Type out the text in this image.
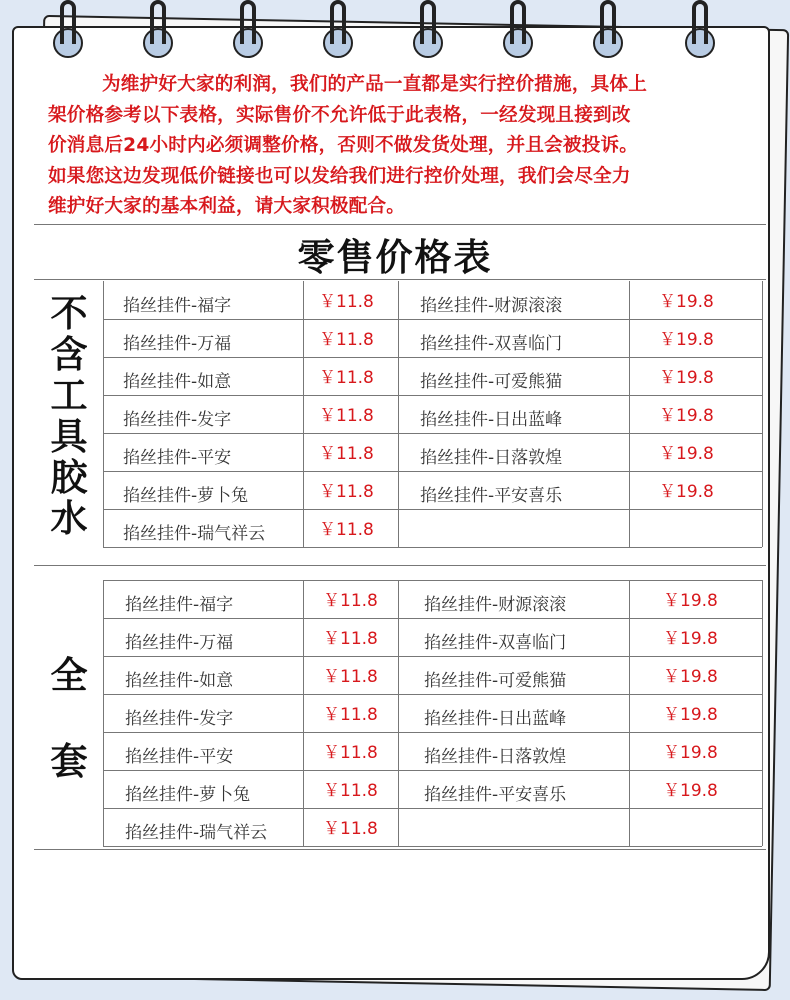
为维护好大家的利润，我们的产品一直都是实行控价措施，具体上

架价格参考以下表格，实际售价不允许低于此表格，一经发现且接到改

价消息后24小时内必须调整价格，否则不做发货处理，并且会被投诉。

如果您这边发现低价链接也可以发给我们进行控价处理，我们会尽全力

维护好大家的基本利益，请大家积极配合。

零售价格表
掐丝挂件-福字	￥11.8	掐丝挂件-财源滚滚	￥19.8
掐丝挂件-万福	￥11.8	掐丝挂件-双喜临门	￥19.8
掐丝挂件-如意	￥11.8	掐丝挂件-可爱熊猫	￥19.8
掐丝挂件-发字	￥11.8	掐丝挂件-日出蓝峰	￥19.8
掐丝挂件-平安	￥11.8	掐丝挂件-日落敦煌	￥19.8
掐丝挂件-萝卜兔	￥11.8	掐丝挂件-平安喜乐	￥19.8
掐丝挂件-瑞气祥云	￥11.8
不
含
工
具
胶
水
掐丝挂件-福字	￥11.8	掐丝挂件-财源滚滚	￥19.8
掐丝挂件-万福	￥11.8	掐丝挂件-双喜临门	￥19.8
掐丝挂件-如意	￥11.8	掐丝挂件-可爱熊猫	￥19.8
掐丝挂件-发字	￥11.8	掐丝挂件-日出蓝峰	￥19.8
掐丝挂件-平安	￥11.8	掐丝挂件-日落敦煌	￥19.8
掐丝挂件-萝卜兔	￥11.8	掐丝挂件-平安喜乐	￥19.8
掐丝挂件-瑞气祥云	￥11.8
全
套
